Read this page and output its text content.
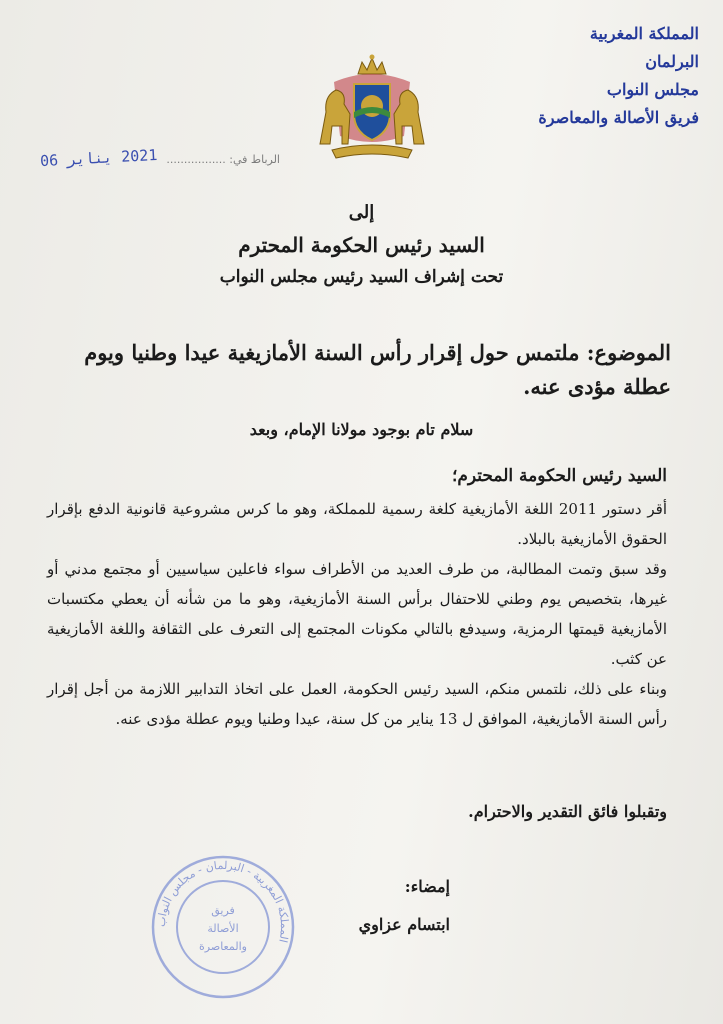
المملكة المغربية
البرلمان
مجلس النواب
فريق الأصالة والمعاصرة
الرباط في: ................. 2021 يناير 06
إلى
السيد رئيس الحكومة المحترم
تحت إشراف السيد رئيس مجلس النواب
الموضوع: ملتمس حول إقرار رأس السنة الأمازيغية عيدا وطنيا ويوم عطلة مؤدى عنه.
سلام تام بوجود مولانا الإمام، وبعد
السيد رئيس الحكومة المحترم؛

أقر دستور 2011 اللغة الأمازيغية كلغة رسمية للمملكة، وهو ما كرس مشروعية قانونية الدفع بإقرار الحقوق الأمازيغية بالبلاد.

وقد سبق وتمت المطالبة، من طرف العديد من الأطراف سواء فاعلين سياسيين أو مجتمع مدني أو غيرها، بتخصيص يوم وطني للاحتفال برأس السنة الأمازيغية، وهو ما من شأنه أن يعطي مكتسبات الأمازيغية قيمتها الرمزية، وسيدفع بالتالي مكونات المجتمع إلى التعرف على الثقافة واللغة الأمازيغية عن كثب.

وبناء على ذلك، نلتمس منكم، السيد رئيس الحكومة، العمل على اتخاذ التدابير اللازمة من أجل إقرار رأس السنة الأمازيغية، الموافق ل 13 يناير من كل سنة، عيدا وطنيا ويوم عطلة مؤدى عنه.

وتقبلوا فائق التقدير والاحترام.
إمضاء:
ابتسام عزاوي
المملكة المغربية - البرلمان - مجلس النواب
فريق
الأصالة
والمعاصرة
